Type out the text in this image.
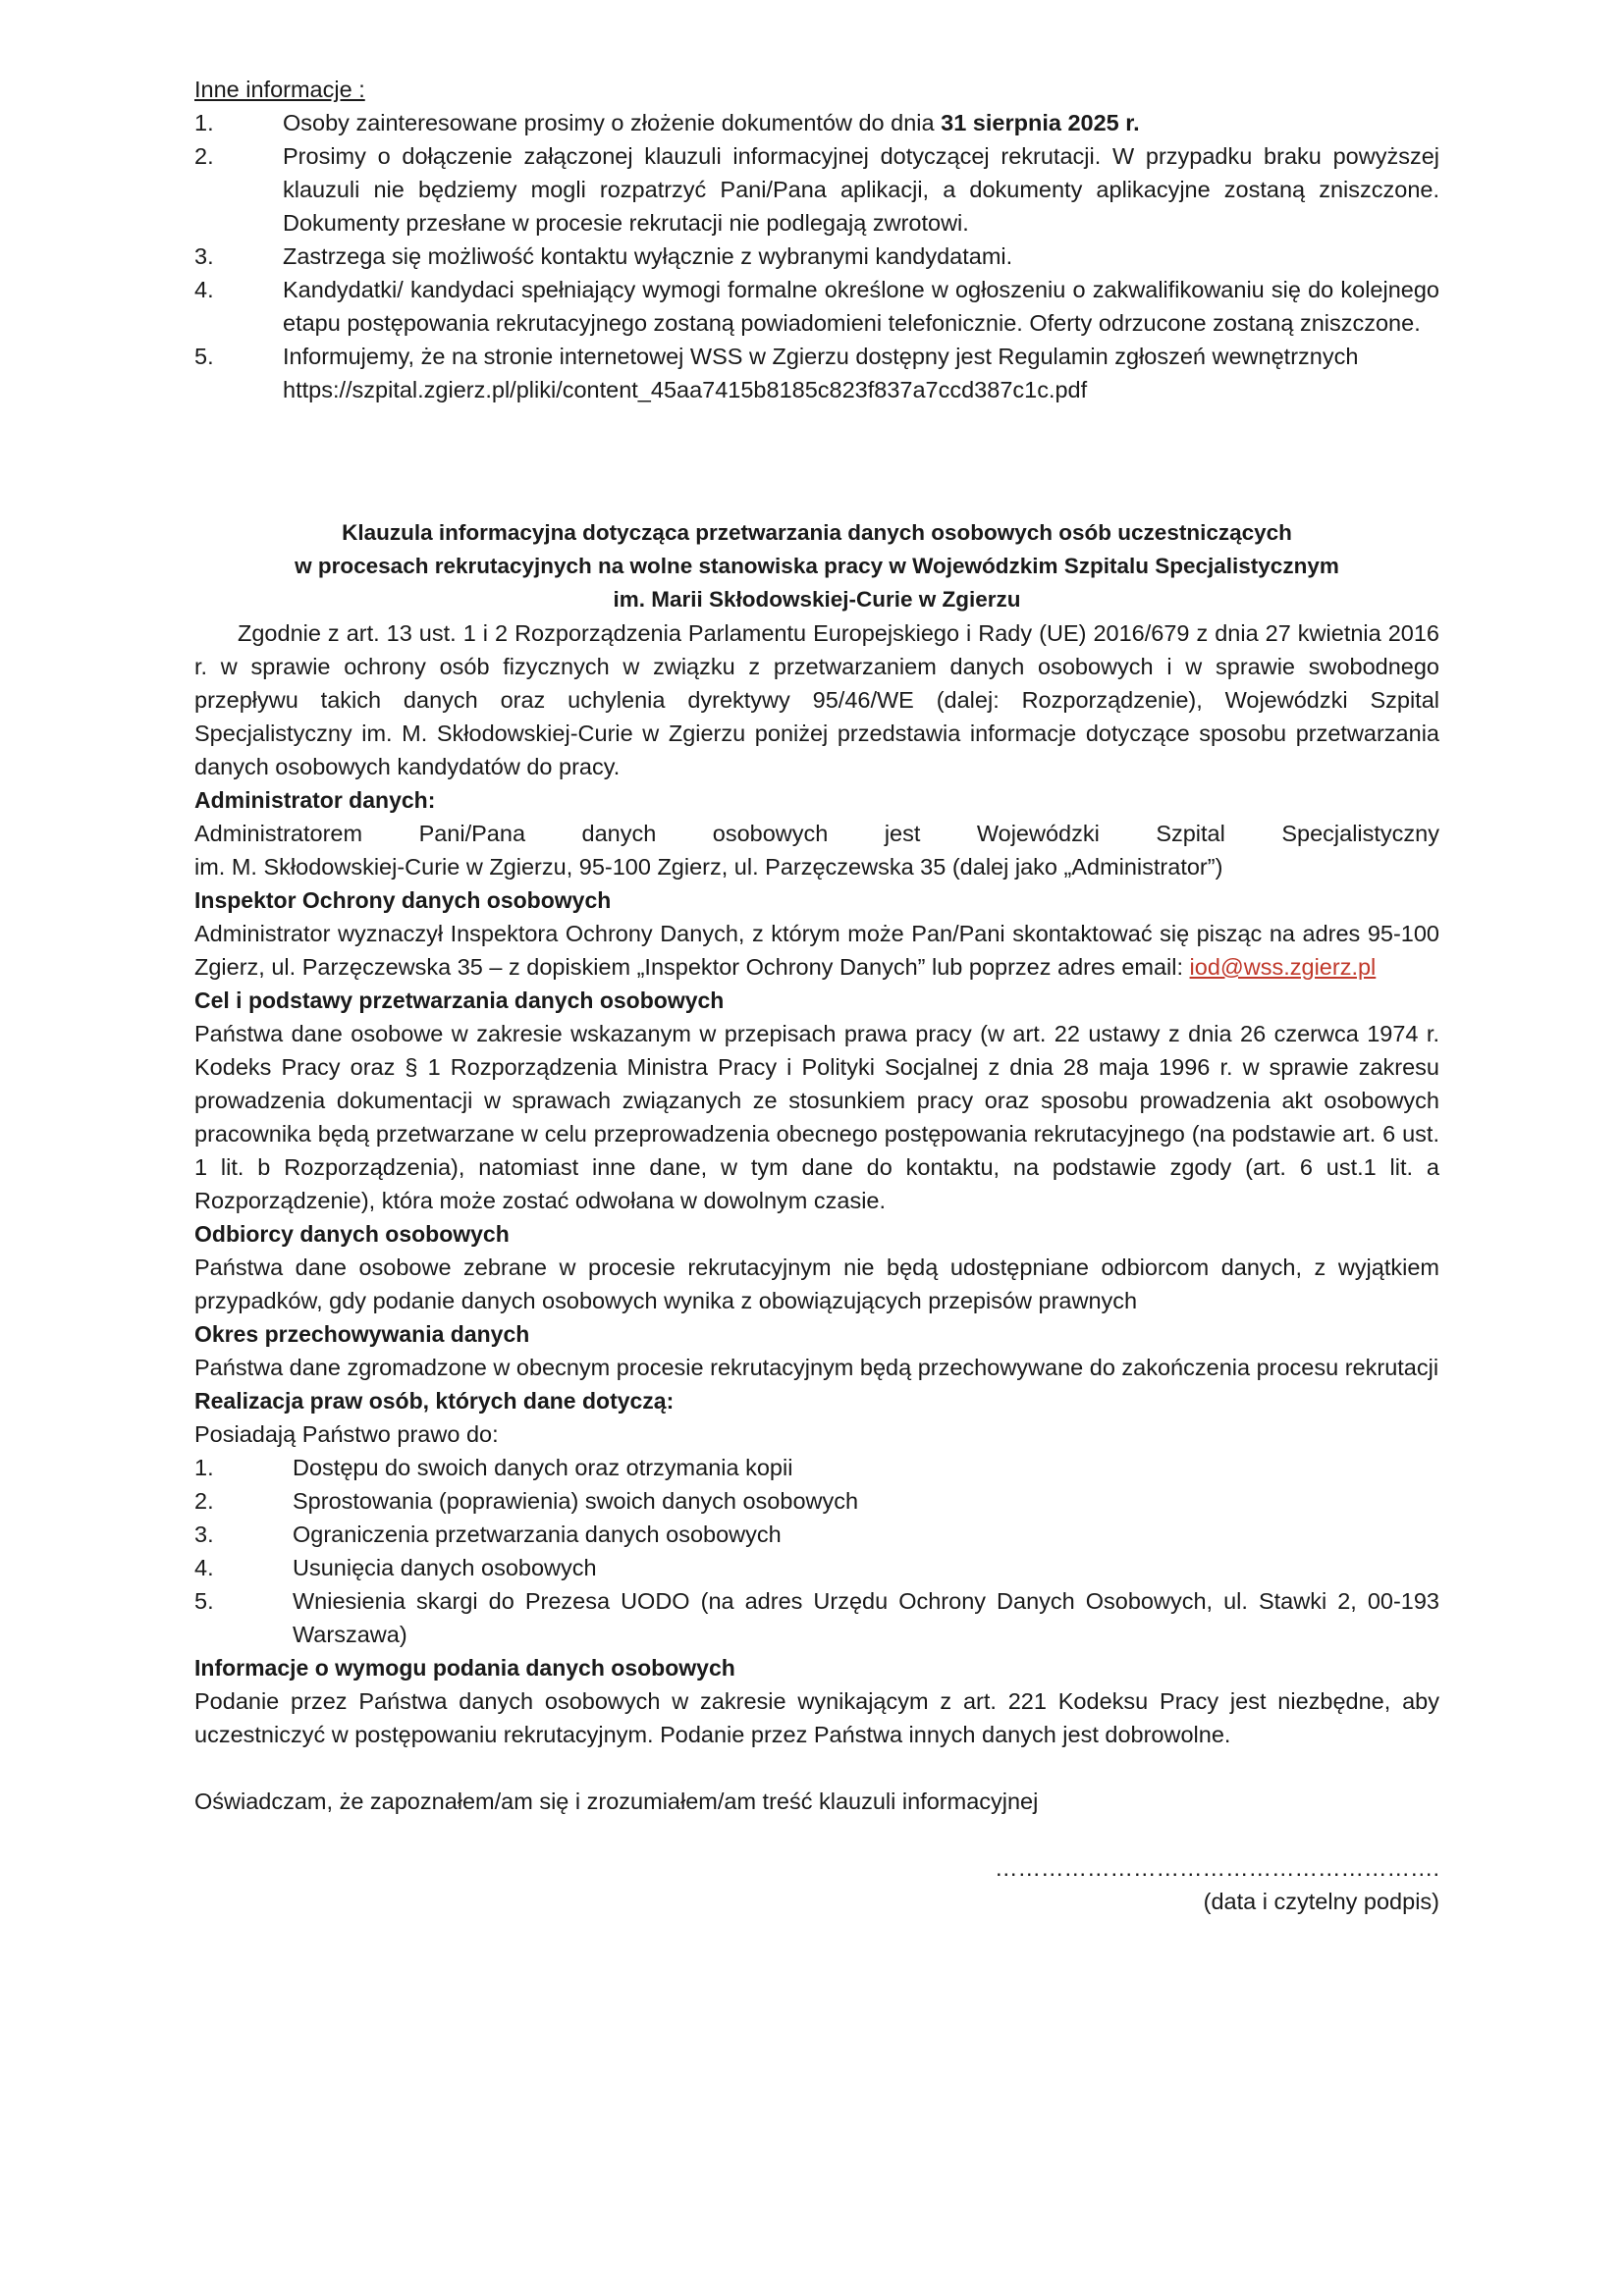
Inne informacje :
1.	Osoby zainteresowane prosimy o złożenie dokumentów do dnia 31 sierpnia 2025 r.
2.	Prosimy o dołączenie załączonej klauzuli informacyjnej dotyczącej rekrutacji. W przypadku braku powyższej klauzuli nie będziemy mogli rozpatrzyć Pani/Pana aplikacji, a dokumenty aplikacyjne zostaną zniszczone. Dokumenty przesłane w procesie rekrutacji nie podlegają zwrotowi.
3.	Zastrzega się możliwość kontaktu wyłącznie z wybranymi kandydatami.
4.	Kandydatki/ kandydaci spełniający wymogi formalne określone w ogłoszeniu o zakwalifikowaniu się do kolejnego etapu postępowania rekrutacyjnego zostaną powiadomieni telefonicznie. Oferty odrzucone zostaną zniszczone.
5.	Informujemy, że na stronie internetowej WSS w Zgierzu dostępny jest Regulamin zgłoszeń wewnętrznych
https://szpital.zgierz.pl/pliki/content_45aa7415b8185c823f837a7ccd387c1c.pdf
Klauzula informacyjna dotycząca przetwarzania danych osobowych osób uczestniczących
w procesach rekrutacyjnych na wolne stanowiska pracy w Wojewódzkim Szpitalu Specjalistycznym
im. Marii Skłodowskiej-Curie w Zgierzu
Zgodnie z art. 13 ust. 1 i 2 Rozporządzenia Parlamentu Europejskiego i Rady (UE) 2016/679 z dnia 27 kwietnia 2016 r. w sprawie ochrony osób fizycznych w związku z przetwarzaniem danych osobowych i w sprawie swobodnego przepływu takich danych oraz uchylenia dyrektywy 95/46/WE (dalej: Rozporządzenie), Wojewódzki Szpital Specjalistyczny im. M. Skłodowskiej-Curie w Zgierzu poniżej przedstawia informacje dotyczące sposobu przetwarzania danych osobowych kandydatów do pracy.
Administrator danych:
Administratorem Pani/Pana danych osobowych jest Wojewódzki Szpital Specjalistyczny
im. M. Skłodowskiej-Curie w Zgierzu, 95-100 Zgierz, ul. Parzęczewska 35 (dalej jako „Administrator”)
Inspektor Ochrony danych osobowych
Administrator wyznaczył Inspektora Ochrony Danych, z którym może Pan/Pani skontaktować się pisząc na adres 95-100 Zgierz, ul. Parzęczewska 35 – z dopiskiem „Inspektor Ochrony Danych” lub poprzez adres email: iod@wss.zgierz.pl
Cel i podstawy przetwarzania danych osobowych
Państwa dane osobowe w zakresie wskazanym w przepisach prawa pracy (w art. 22 ustawy z dnia 26 czerwca 1974 r. Kodeks Pracy oraz § 1 Rozporządzenia Ministra Pracy i Polityki Socjalnej z dnia 28 maja 1996 r. w sprawie zakresu prowadzenia dokumentacji w sprawach związanych ze stosunkiem pracy oraz sposobu prowadzenia akt osobowych pracownika będą przetwarzane w celu przeprowadzenia obecnego postępowania rekrutacyjnego (na podstawie art. 6 ust. 1 lit. b Rozporządzenia), natomiast inne dane, w tym dane do kontaktu, na podstawie zgody (art. 6 ust.1 lit. a Rozporządzenie), która może zostać odwołana w dowolnym czasie.
Odbiorcy danych osobowych
Państwa dane osobowe zebrane w procesie rekrutacyjnym nie będą udostępniane odbiorcom danych, z wyjątkiem przypadków, gdy podanie danych osobowych wynika z obowiązujących przepisów prawnych
Okres przechowywania danych
Państwa dane zgromadzone w obecnym procesie rekrutacyjnym będą przechowywane do zakończenia procesu rekrutacji
Realizacja praw osób, których dane dotyczą:
Posiadają Państwo prawo do:
1.	Dostępu do swoich danych oraz otrzymania kopii
2.	Sprostowania (poprawienia) swoich danych osobowych
3.	Ograniczenia przetwarzania danych osobowych
4.	Usunięcia danych osobowych
5.	Wniesienia skargi do Prezesa UODO (na adres Urzędu Ochrony Danych Osobowych, ul. Stawki 2, 00-193 Warszawa)
Informacje o wymogu podania danych osobowych
Podanie przez Państwa danych osobowych w zakresie wynikającym z art. 221 Kodeksu Pracy jest niezbędne, aby uczestniczyć w postępowaniu rekrutacyjnym. Podanie przez Państwa innych danych jest dobrowolne.
Oświadczam, że zapoznałem/am się i zrozumiałem/am treść klauzuli informacyjnej
………………………………………………….
(data i czytelny podpis)
